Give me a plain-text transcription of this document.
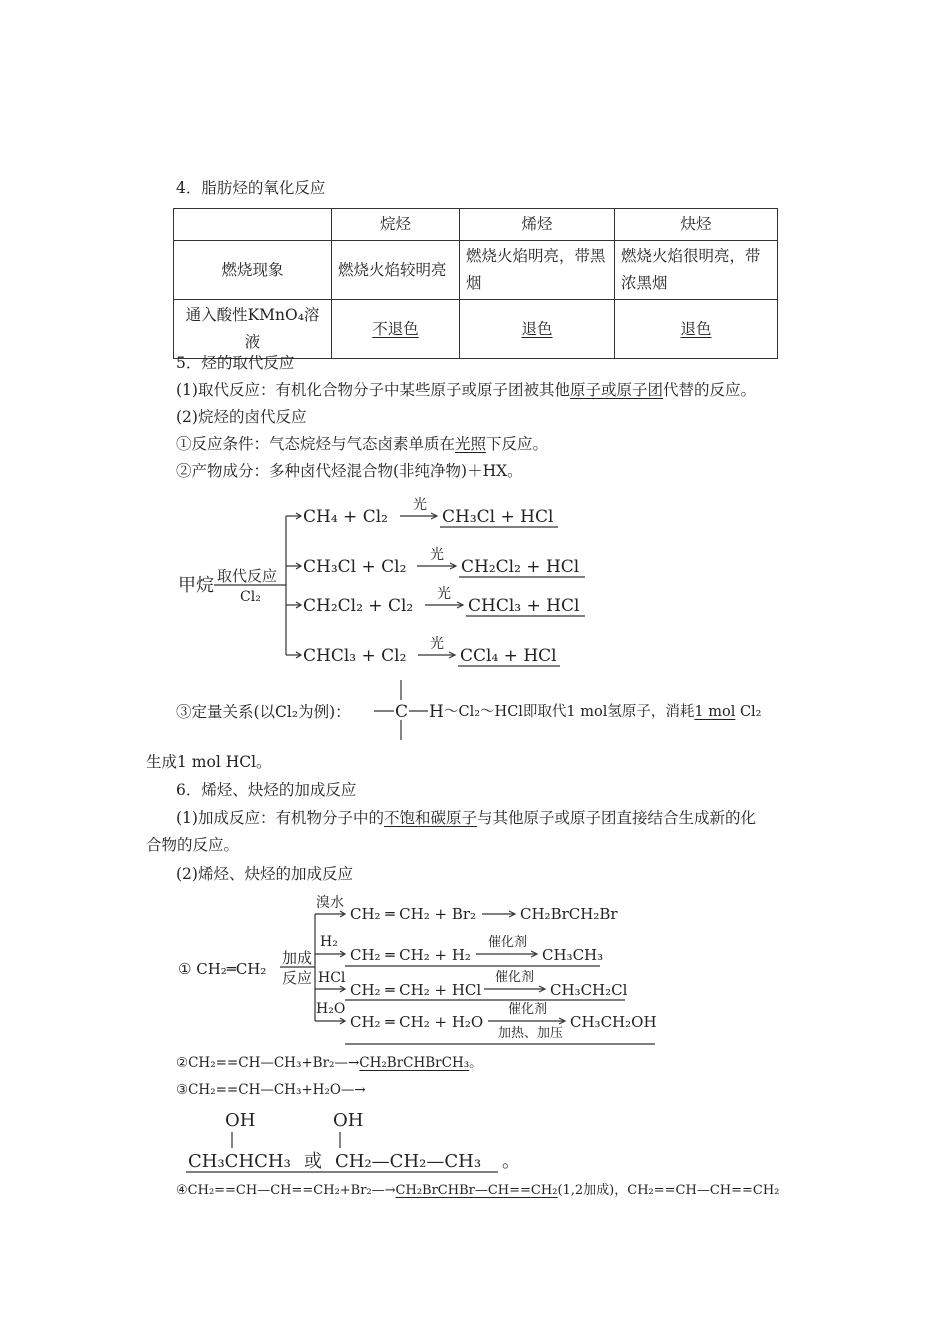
4．脂肪烃的氧化反应
	烷烃	烯烃	炔烃
燃烧现象	燃烧火焰较明亮	燃烧火焰明亮，带黑烟	燃烧火焰很明亮，带浓黑烟
通入酸性KMnO₄溶液	不退色	退色	退色
5．烃的取代反应
(1)取代反应：有机化合物分子中某些原子或原子团被其他原子或原子团代替的反应。
(2)烷烃的卤代反应
①反应条件：气态烷烃与气态卤素单质在光照下反应。
②产物成分：多种卤代烃混合物(非纯净物)＋HX。
甲烷 取代反应
Cl₂
CH₄ + Cl₂
光
CH₃Cl + HCl
CH₃Cl + Cl₂
光
CH₂Cl₂ + HCl
CH₂Cl₂ + Cl₂
光
CHCl₃ + HCl
CHCl₃ + Cl₂
光
CCl₄ + HCl
C H
③定量关系(以Cl₂为例)：	～Cl₂～HCl即取代1 mol氢原子，消耗1 mol Cl₂
生成1 mol HCl。
6．烯烃、炔烃的加成反应
(1)加成反应：有机物分子中的不饱和碳原子与其他原子或原子团直接结合生成新的化
合物的反应。
(2)烯烃、炔烃的加成反应
① CH₂═CH₂
加成
反应
溴水
CH₂ ═ CH₂ + Br₂	CH₂BrCH₂Br
H₂
CH₂ ═ CH₂ + H₂
催化剂
CH₃CH₃
HCl
CH₂ ═ CH₂ + HCl
催化剂
CH₃CH₂Cl
H₂O
CH₂ ═ CH₂ + H₂O
催化剂
加热、加压
CH₃CH₂OH
OH	OH
CH₃CHCH₃ 或 CH₂—CH₂—CH₃ 。
②CH₂==CH—CH₃+Br₂—→CH₂BrCHBrCH₃。
③CH₂==CH—CH₃+H₂O—→
④CH₂==CH—CH==CH₂+Br₂—→CH₂BrCHBr—CH==CH₂(1,2加成)，CH₂==CH—CH==CH₂
